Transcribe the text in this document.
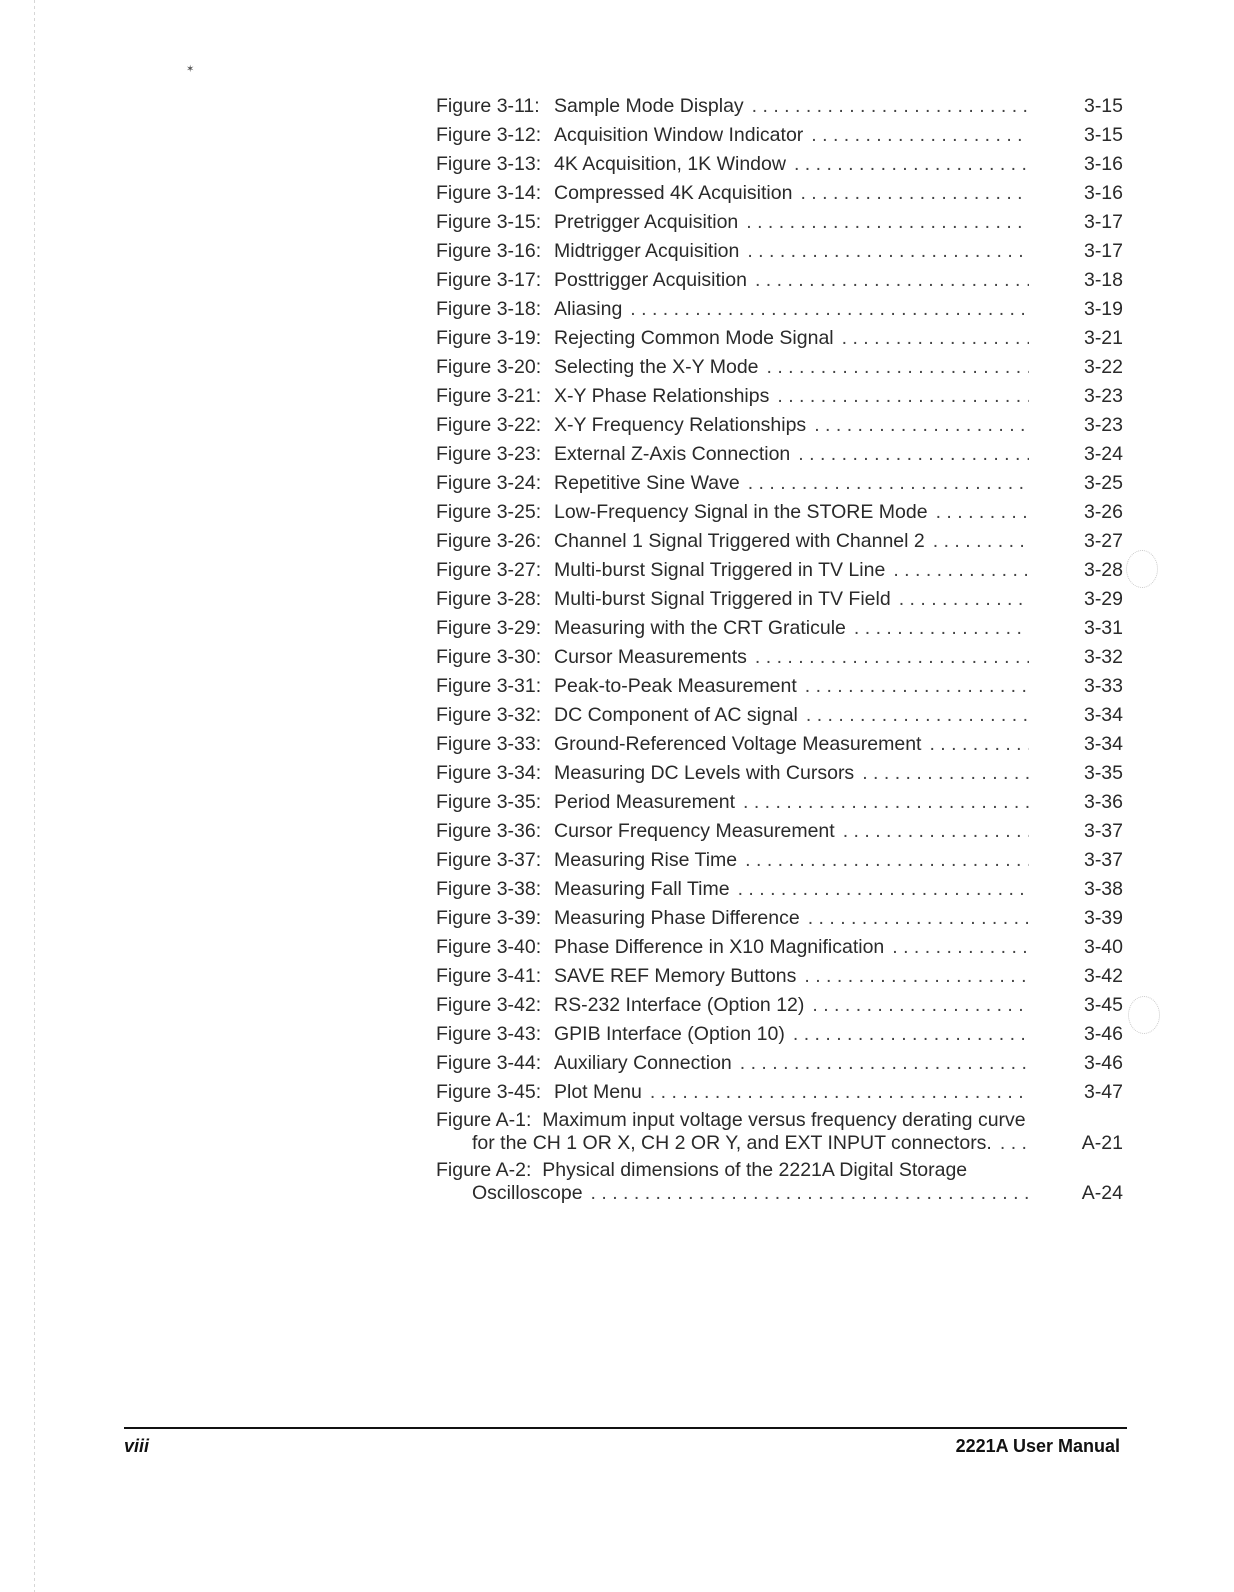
✶
Figure 3-11: Sample Mode Display . . .	3-15
Figure 3-12: Acquisition Window Indicator . . .	3-15
Figure 3-13: 4K Acquisition, 1K Window . . .	3-16
Figure 3-14: Compressed 4K Acquisition . . .	3-16
Figure 3-15: Pretrigger Acquisition . . .	3-17
Figure 3-16: Midtrigger Acquisition . . .	3-17
Figure 3-17: Posttrigger Acquisition . . .	3-18
Figure 3-18: Aliasing . . .	3-19
Figure 3-19: Rejecting Common Mode Signal . . .	3-21
Figure 3-20: Selecting the X-Y Mode . . .	3-22
Figure 3-21: X-Y Phase Relationships . . .	3-23
Figure 3-22: X-Y Frequency Relationships . . .	3-23
Figure 3-23: External Z-Axis Connection . . .	3-24
Figure 3-24: Repetitive Sine Wave . . .	3-25
Figure 3-25: Low-Frequency Signal in the STORE Mode . . .	3-26
Figure 3-26: Channel 1 Signal Triggered with Channel 2 . . .	3-27
Figure 3-27: Multi-burst Signal Triggered in TV Line . . .	3-28
Figure 3-28: Multi-burst Signal Triggered in TV Field . . .	3-29
Figure 3-29: Measuring with the CRT Graticule . . .	3-31
Figure 3-30: Cursor Measurements . . .	3-32
Figure 3-31: Peak-to-Peak Measurement . . .	3-33
Figure 3-32: DC Component of AC signal . . .	3-34
Figure 3-33: Ground-Referenced Voltage Measurement . . .	3-34
Figure 3-34: Measuring DC Levels with Cursors . . .	3-35
Figure 3-35: Period Measurement . . .	3-36
Figure 3-36: Cursor Frequency Measurement . . .	3-37
Figure 3-37: Measuring Rise Time . . .	3-37
Figure 3-38: Measuring Fall Time . . .	3-38
Figure 3-39: Measuring Phase Difference . . .	3-39
Figure 3-40: Phase Difference in X10 Magnification . . .	3-40
Figure 3-41: SAVE REF Memory Buttons . . .	3-42
Figure 3-42: RS-232 Interface (Option 12) . . .	3-45
Figure 3-43: GPIB Interface (Option 10) . . .	3-46
Figure 3-44: Auxiliary Connection . . .	3-46
Figure 3-45: Plot Menu . . .	3-47
Figure A-1: Maximum input voltage versus frequency derating curve
for the CH 1 OR X, CH 2 OR Y, and EXT INPUT connectors. . . .	A-21
Figure A-2: Physical dimensions of the 2221A Digital Storage
Oscilloscope . . .	A-24
viii	2221A User Manual
